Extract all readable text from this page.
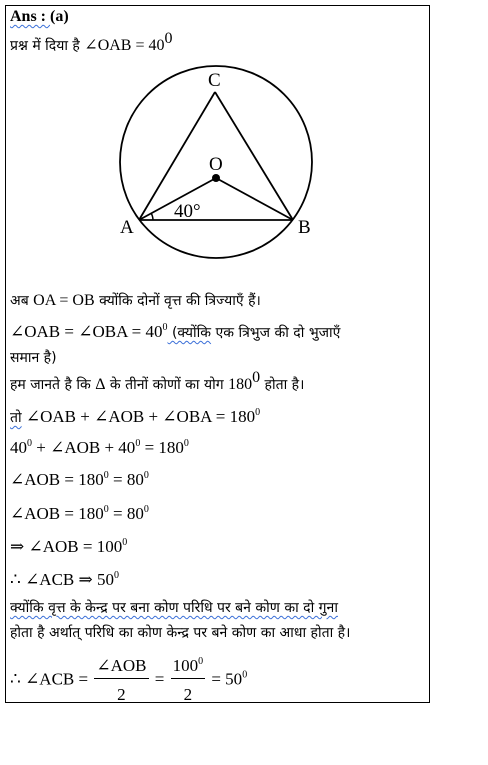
Ans : (a)
प्रश्न में दिया है ∠OAB = $40^0$
C
O
A	B
40°
अब OA = OB क्योंकि दोनों वृत्त की त्रिज्याएँ हैं।
∠OAB = ∠OBA = $40^0$ (क्योंकि एक त्रिभुज की दो भुजाएँ
समान है)
हम जानते है कि Δ के तीनों कोणों का योग $180^0$ होता है।
तो ∠OAB + ∠AOB + ∠OBA = $180^0$
$40^0$ + ∠AOB + $40^0 = 180^0$
∠AOB = $180^0 = 80^0$
∠AOB = $180^0 = 80^0$
⇒ ∠AOB = $100^0$
∴ ∠ACB ⇒ $50^0$
क्योंकि वृत्त के केन्द्र पर बना कोण परिधि पर बने कोण का दो गुना
होता है अर्थात् परिधि का कोण केन्द्र पर बने कोण का आधा होता है।
∴ ∠ACB = $\frac{\text{∠AOB}}{2} = \frac{100^0}{2} = 50^0$
